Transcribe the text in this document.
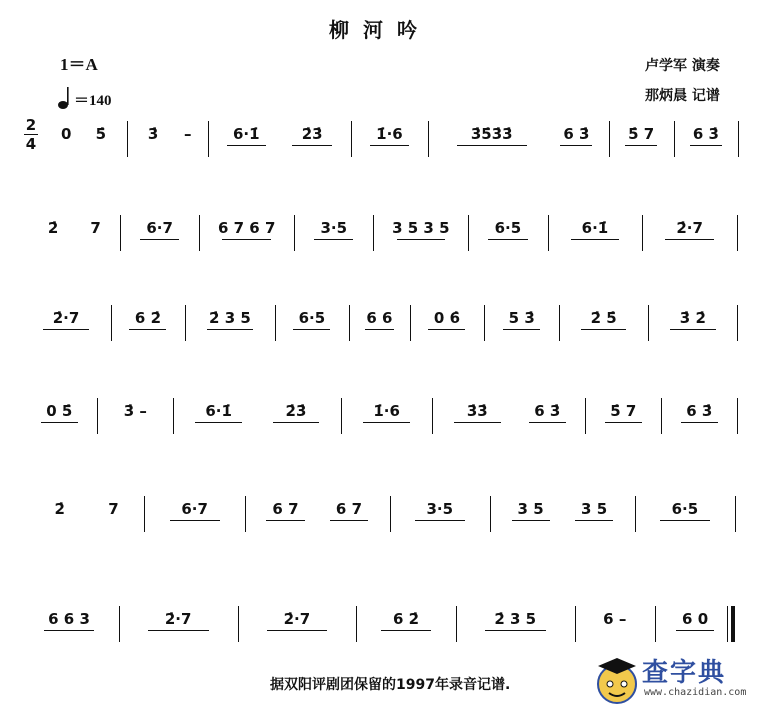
柳河吟
1＝A
＝140
卢学军 演奏
那炳晨 记谱
2
4
0	5̇	3̇	–	6·1̇	2̇3̇	1̇·6	3̇5̇3̇3̇	6 3̇	5̇ 7	6 3̇
2̇	7	6·7	6 7 6 7	3·5	3 5 3 5	6·5	6·1̇	2̇·7
2̇·7	6 2̇	2̇ 3 5	6·5	6 6	0 6̇	5 3̇	2̇ 5̇	3̇ 2̇
0 5̇	3̇ –	6·1̇	2̇3̇	1̇·6	3̇3̇	6 3̇	5̇ 7	6 3̇
2̇	7	6·7	6 7	6 7	3·5	3 5	3 5	6·5
6 6 3	2̇·7	2̇·7	6 2̇	2̇ 3 5	6 –	6 0
据双阳评剧团保留的1997年录音记谱.	查字典
www.chazidian.com
